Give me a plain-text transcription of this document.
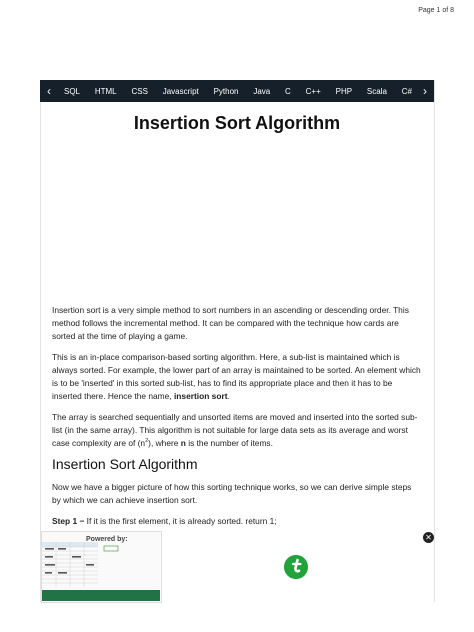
Page 1 of 8
‹	SQL HTML CSS Javascript Python Java C C++ PHP Scala C# ›
Insertion Sort Algorithm

Insertion sort is a very simple method to sort numbers in an ascending or descending order. This method follows the incremental method. It can be compared with the technique how cards are sorted at the time of playing a game.

This is an in-place comparison-based sorting algorithm. Here, a sub-list is maintained which is always sorted. For example, the lower part of an array is maintained to be sorted. An element which is to be 'inserted' in this sorted sub-list, has to find its appropriate place and then it has to be inserted there. Hence the name, insertion sort.

The array is searched sequentially and unsorted items are moved and inserted into the sorted sub-list (in the same array). This algorithm is not suitable for large data sets as its average and worst case complexity are of $(n^2)$, where n is the number of items.

Insertion Sort Algorithm

Now we have a bigger picture of how this sorting technique works, so we can derive simple steps by which we can achieve insertion sort.

Step 1 − If it is the first element, it is already sorted. return 1;

Powered by:	✕
